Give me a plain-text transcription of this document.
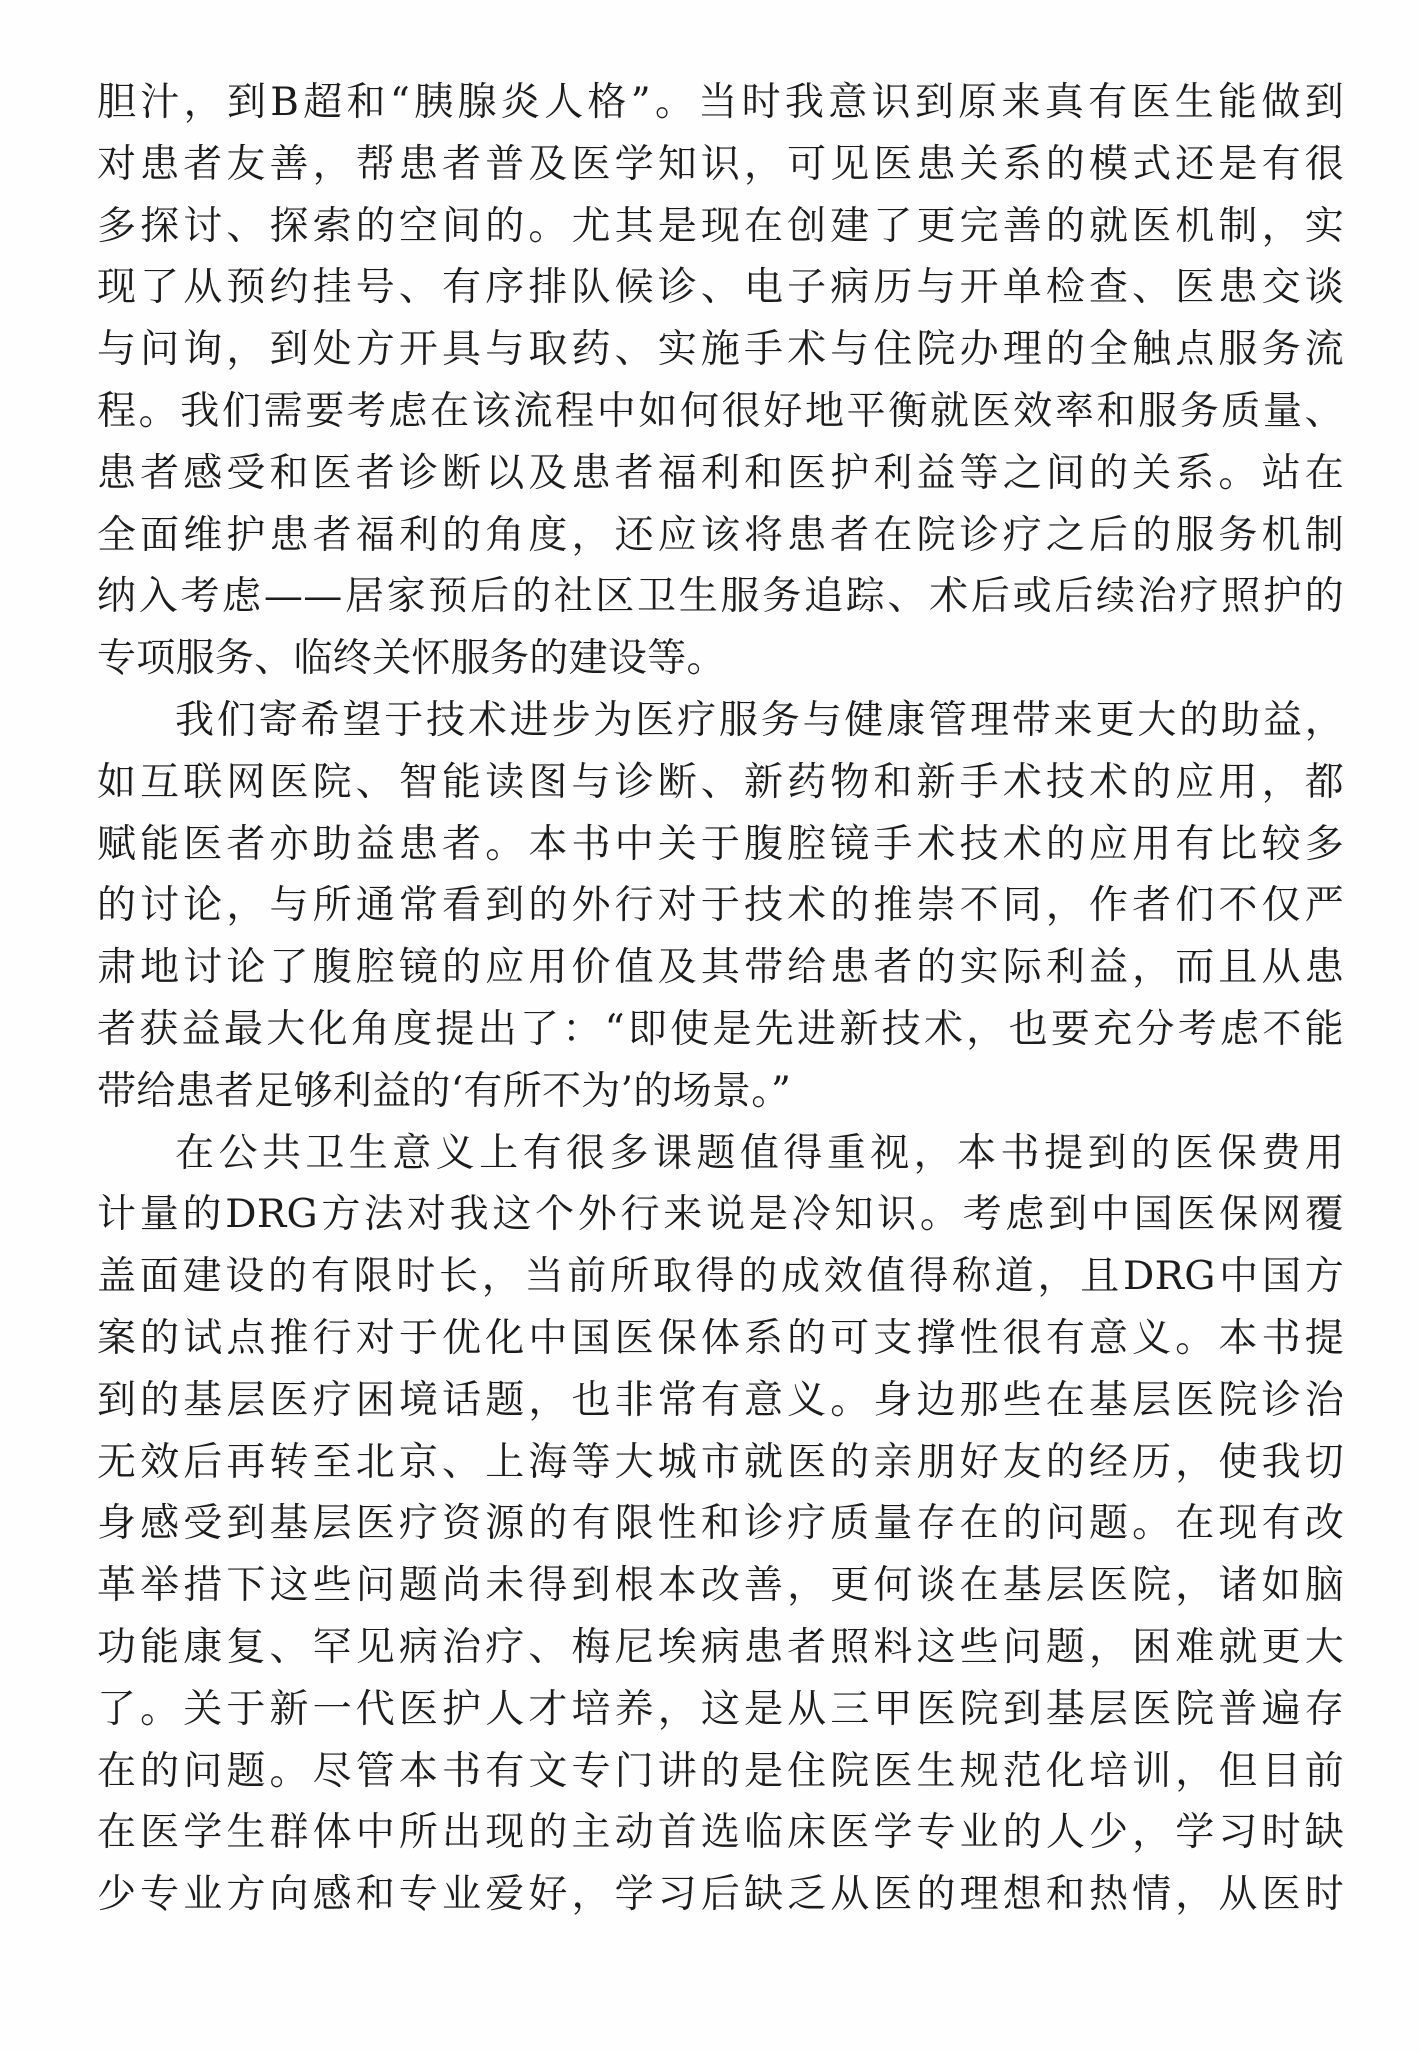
胆汁，到B超和“胰腺炎人格”。当时我意识到原来真有医生能做到
对患者友善，帮患者普及医学知识，可见医患关系的模式还是有很
多探讨、探索的空间的。尤其是现在创建了更完善的就医机制，实
现了从预约挂号、有序排队候诊、电子病历与开单检查、医患交谈
与问询，到处方开具与取药、实施手术与住院办理的全触点服务流
程。我们需要考虑在该流程中如何很好地平衡就医效率和服务质量、
患者感受和医者诊断以及患者福利和医护利益等之间的关系。站在
全面维护患者福利的角度，还应该将患者在院诊疗之后的服务机制
纳入考虑——居家预后的社区卫生服务追踪、术后或后续治疗照护的
专项服务、临终关怀服务的建设等。
我们寄希望于技术进步为医疗服务与健康管理带来更大的助益，
如互联网医院、智能读图与诊断、新药物和新手术技术的应用，都
赋能医者亦助益患者。本书中关于腹腔镜手术技术的应用有比较多
的讨论，与所通常看到的外行对于技术的推崇不同，作者们不仅严
肃地讨论了腹腔镜的应用价值及其带给患者的实际利益，而且从患
者获益最大化角度提出了：“即使是先进新技术，也要充分考虑不能
带给患者足够利益的‘有所不为’的场景。”
在公共卫生意义上有很多课题值得重视，本书提到的医保费用
计量的DRG方法对我这个外行来说是冷知识。考虑到中国医保网覆
盖面建设的有限时长，当前所取得的成效值得称道，且DRG中国方
案的试点推行对于优化中国医保体系的可支撑性很有意义。本书提
到的基层医疗困境话题，也非常有意义。身边那些在基层医院诊治
无效后再转至北京、上海等大城市就医的亲朋好友的经历，使我切
身感受到基层医疗资源的有限性和诊疗质量存在的问题。在现有改
革举措下这些问题尚未得到根本改善，更何谈在基层医院，诸如脑
功能康复、罕见病治疗、梅尼埃病患者照料这些问题，困难就更大
了。关于新一代医护人才培养，这是从三甲医院到基层医院普遍存
在的问题。尽管本书有文专门讲的是住院医生规范化培训，但目前
在医学生群体中所出现的主动首选临床医学专业的人少，学习时缺
少专业方向感和专业爱好，学习后缺乏从医的理想和热情，从医时
